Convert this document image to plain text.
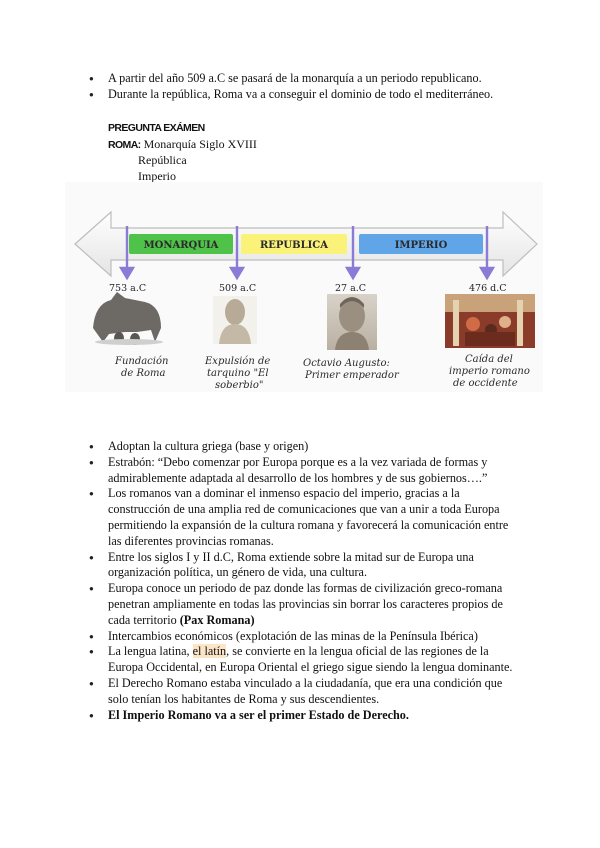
● A partir del año 509 a.C se pasará de la monarquía a un periodo republicano.
● Durante la república, Roma va a conseguir el dominio de todo el mediterráneo.
PREGUNTA EXÁMEN
ROMA: Monarquía Siglo XVIII
República
Imperio
MONARQUIA	REPUBLICA	IMPERIO
753 a.C	509 a.C	27 a.C	476 d.C
Fundación
de Roma
Expulsión de
tarquino "El
soberbio"
Octavio Augusto:
Primer emperador
Caída del
imperio romano
de occidente
● Adoptan la cultura griega (base y origen)
● Estrabón: “Debo comenzar por Europa porque es a la vez variada de formas y admirablemente adaptada al desarrollo de los hombres y de sus gobiernos….”
● Los romanos van a dominar el inmenso espacio del imperio, gracias a la construcción de una amplia red de comunicaciones que van a unir a toda Europa permitiendo la expansión de la cultura romana y favorecerá la comunicación entre las diferentes provincias romanas.
● Entre los siglos I y II d.C, Roma extiende sobre la mitad sur de Europa una organización política, un género de vida, una cultura.
● Europa conoce un periodo de paz donde las formas de civilización greco-romana penetran ampliamente en todas las provincias sin borrar los caracteres propios de cada territorio (Pax Romana)
● Intercambios económicos (explotación de las minas de la Península Ibérica)
● La lengua latina, el latín, se convierte en la lengua oficial de las regiones de la Europa Occidental, en Europa Oriental el griego sigue siendo la lengua dominante.
● El Derecho Romano estaba vinculado a la ciudadanía, que era una condición que solo tenían los habitantes de Roma y sus descendientes.
● El Imperio Romano va a ser el primer Estado de Derecho.
